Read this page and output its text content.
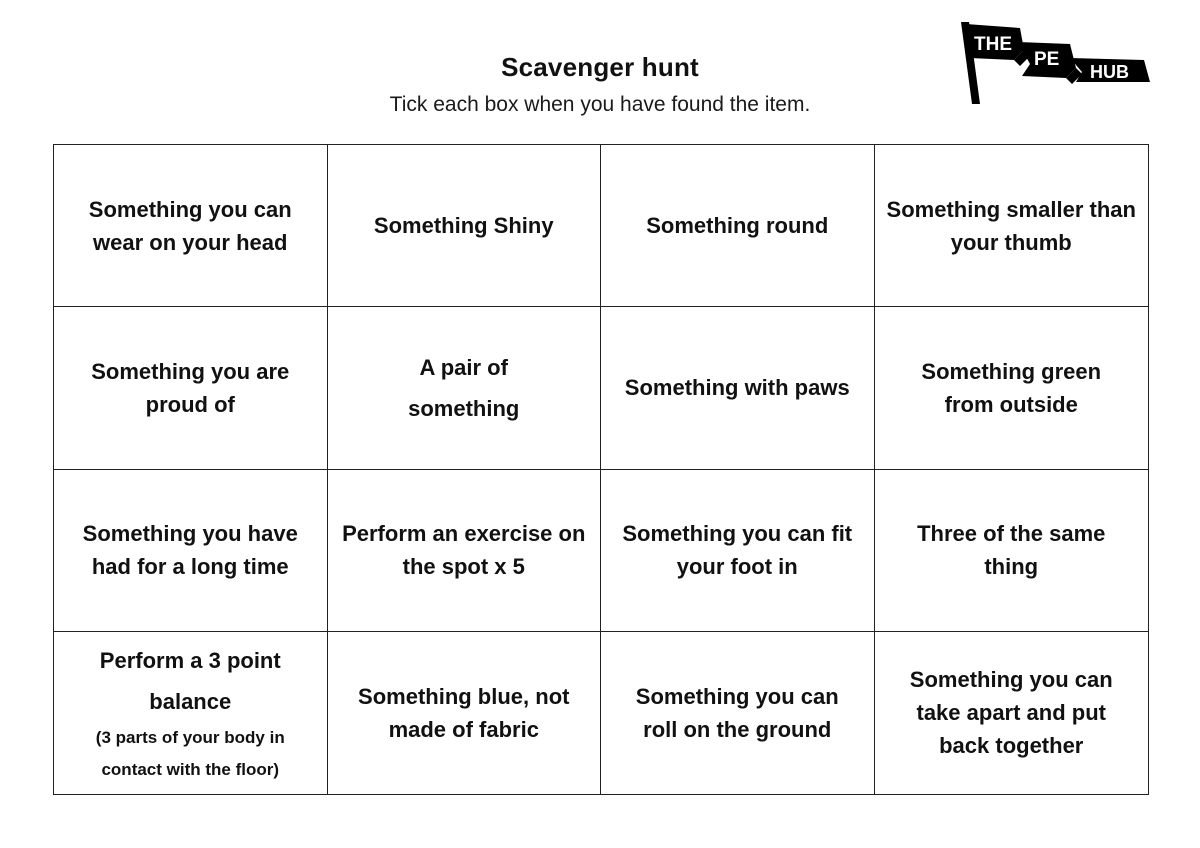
Scavenger hunt
Tick each box when you have found the item.
THE
PE
HUB
Something you can wear on your head
Something Shiny	Something round
Something smaller than your thumb
Something you are proud of
A pair of something
Something with paws
Something green from outside
Something you have had for a long time
Perform an exercise on the spot x 5
Something you can fit your foot in
Three of the same thing
Perform a 3 point balance
(3 parts of your body in contact with the floor)
Something blue, not made of fabric
Something you can roll on the ground
Something you can take apart and put back together
